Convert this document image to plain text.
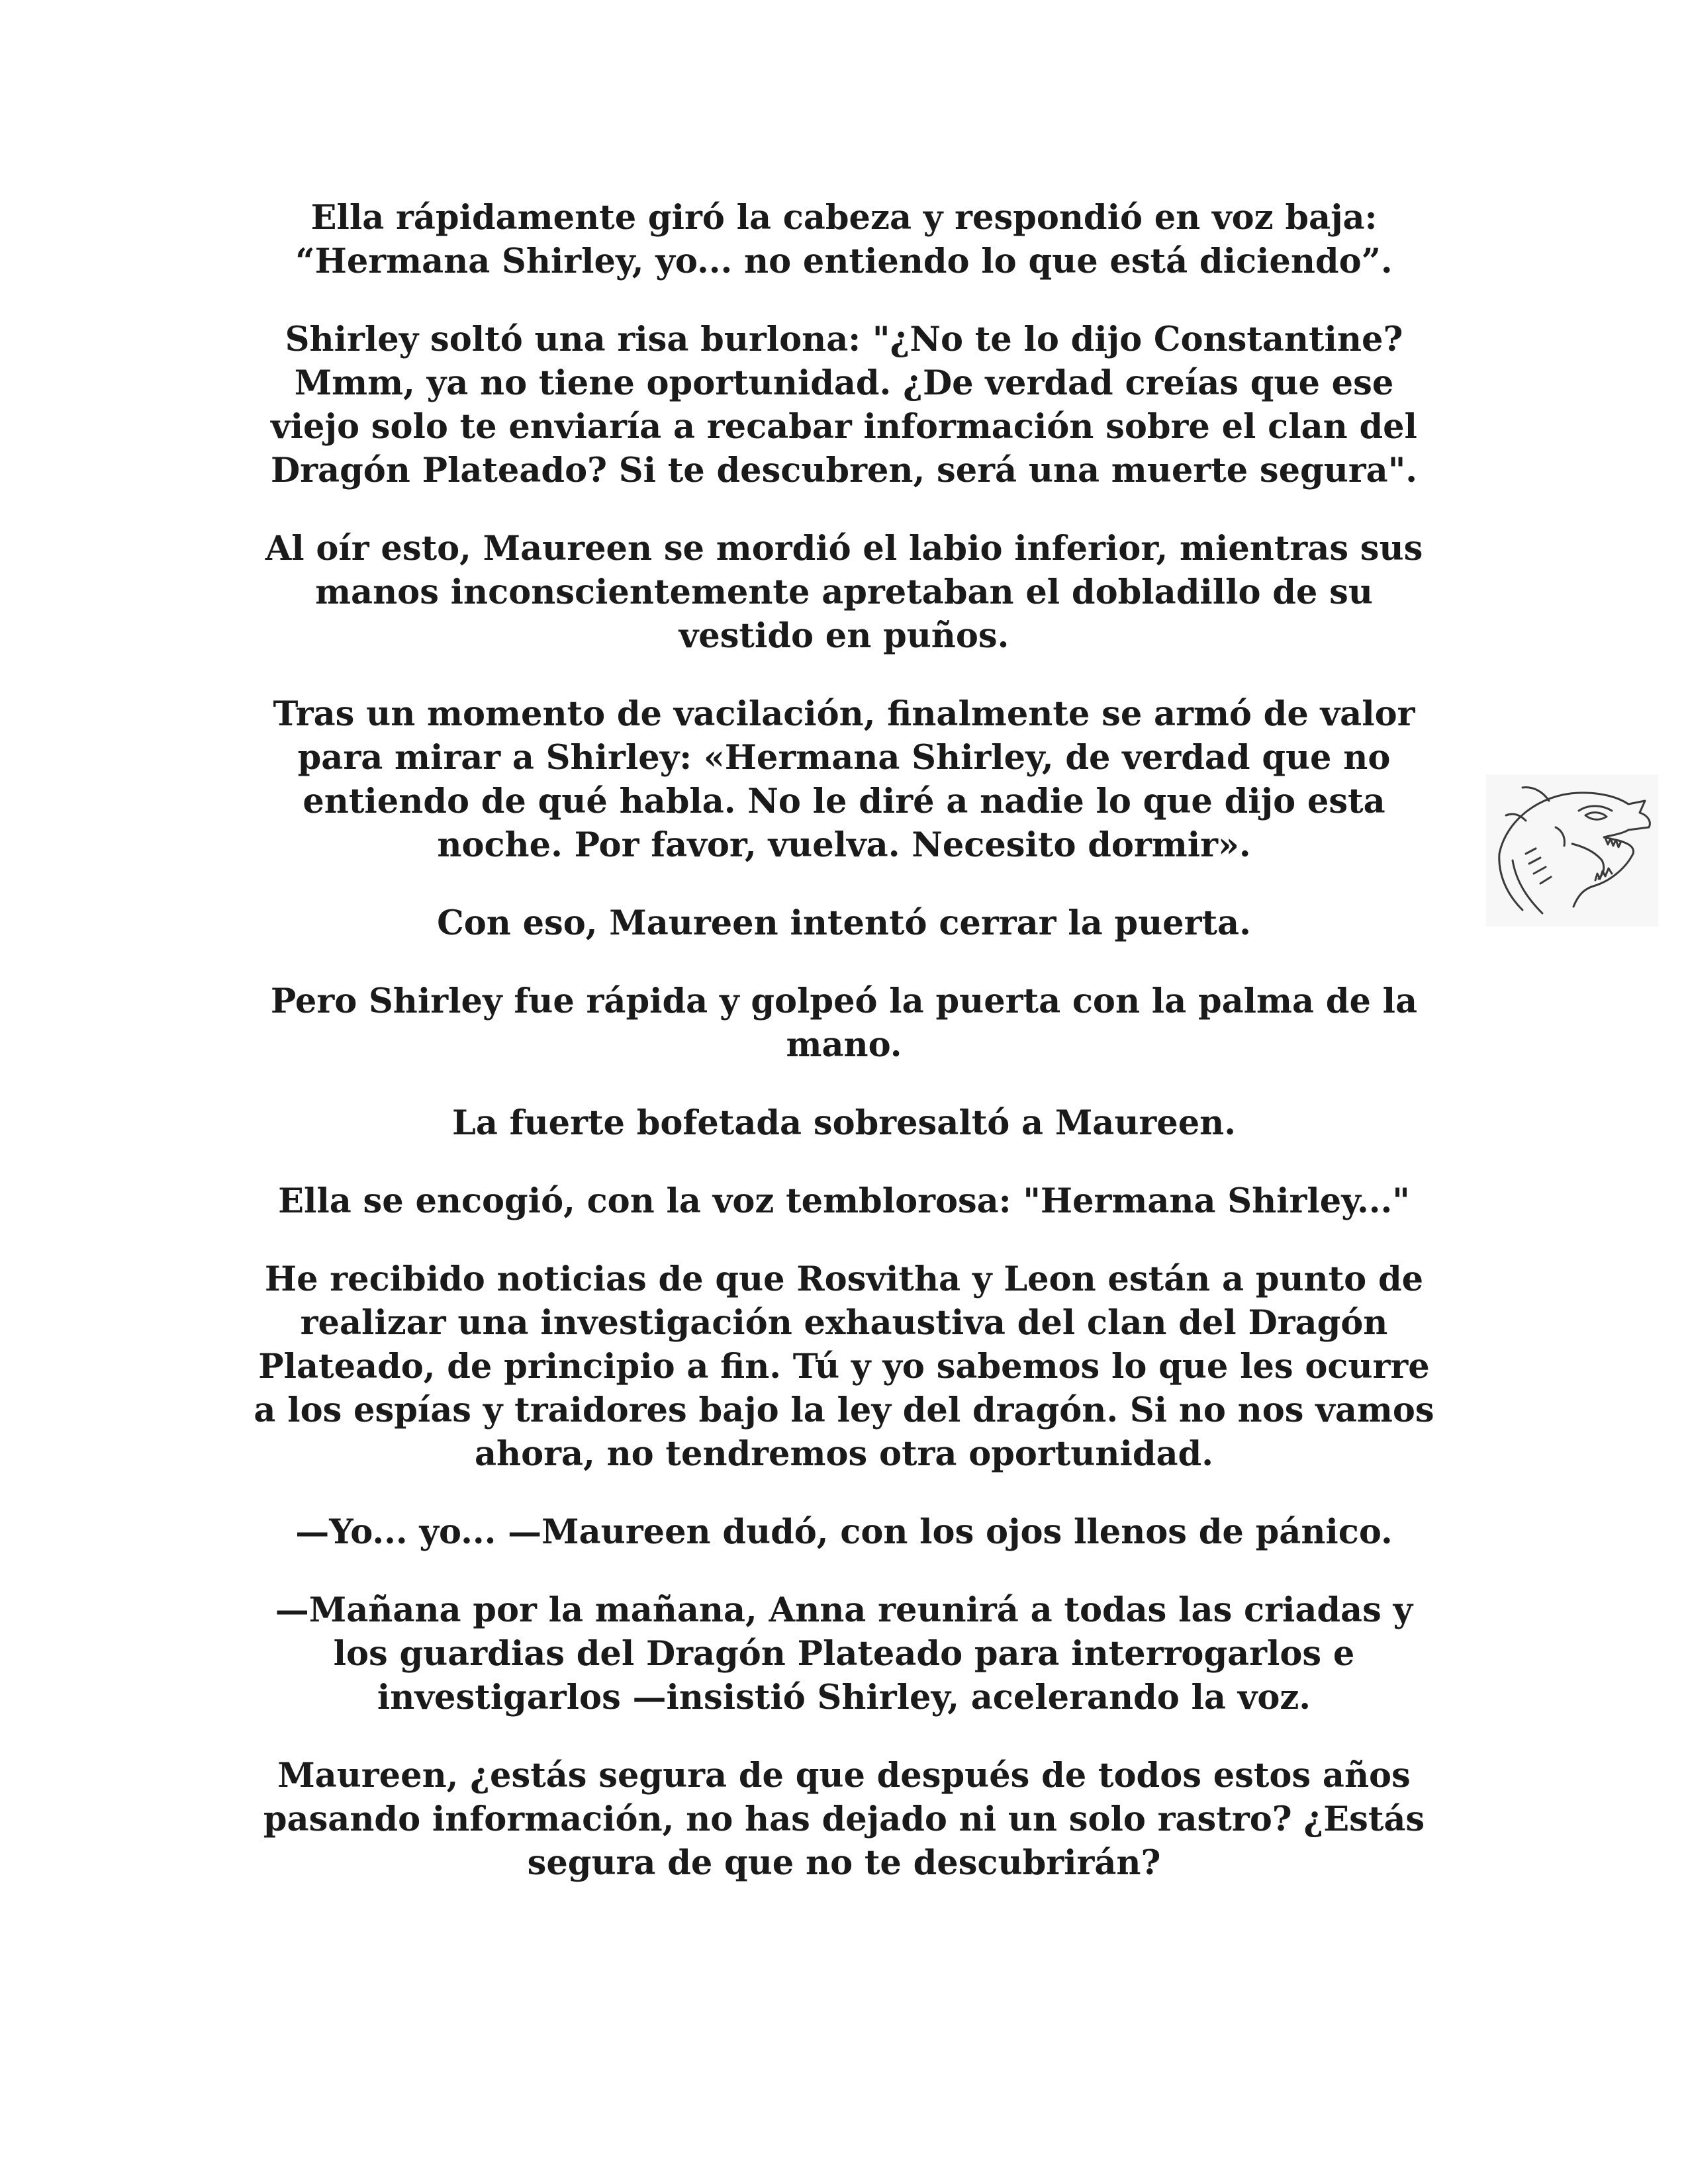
Ella rápidamente giró la cabeza y respondió en voz baja:
“Hermana Shirley, yo... no entiendo lo que está diciendo”.

Shirley soltó una risa burlona: "¿No te lo dijo Constantine?
Mmm, ya no tiene oportunidad. ¿De verdad creías que ese
viejo solo te enviaría a recabar información sobre el clan del
Dragón Plateado? Si te descubren, será una muerte segura".

Al oír esto, Maureen se mordió el labio inferior, mientras sus
manos inconscientemente apretaban el dobladillo de su
vestido en puños.

Tras un momento de vacilación, finalmente se armó de valor
para mirar a Shirley: «Hermana Shirley, de verdad que no
entiendo de qué habla. No le diré a nadie lo que dijo esta
noche. Por favor, vuelva. Necesito dormir».

Con eso, Maureen intentó cerrar la puerta.

Pero Shirley fue rápida y golpeó la puerta con la palma de la
mano.

La fuerte bofetada sobresaltó a Maureen.

Ella se encogió, con la voz temblorosa: "Hermana Shirley..."

He recibido noticias de que Rosvitha y Leon están a punto de
realizar una investigación exhaustiva del clan del Dragón
Plateado, de principio a fin. Tú y yo sabemos lo que les ocurre
a los espías y traidores bajo la ley del dragón. Si no nos vamos
ahora, no tendremos otra oportunidad.

—Yo... yo... —Maureen dudó, con los ojos llenos de pánico.

—Mañana por la mañana, Anna reunirá a todas las criadas y
los guardias del Dragón Plateado para interrogarlos e
investigarlos —insistió Shirley, acelerando la voz.

Maureen, ¿estás segura de que después de todos estos años
pasando información, no has dejado ni un solo rastro? ¿Estás
segura de que no te descubrirán?
